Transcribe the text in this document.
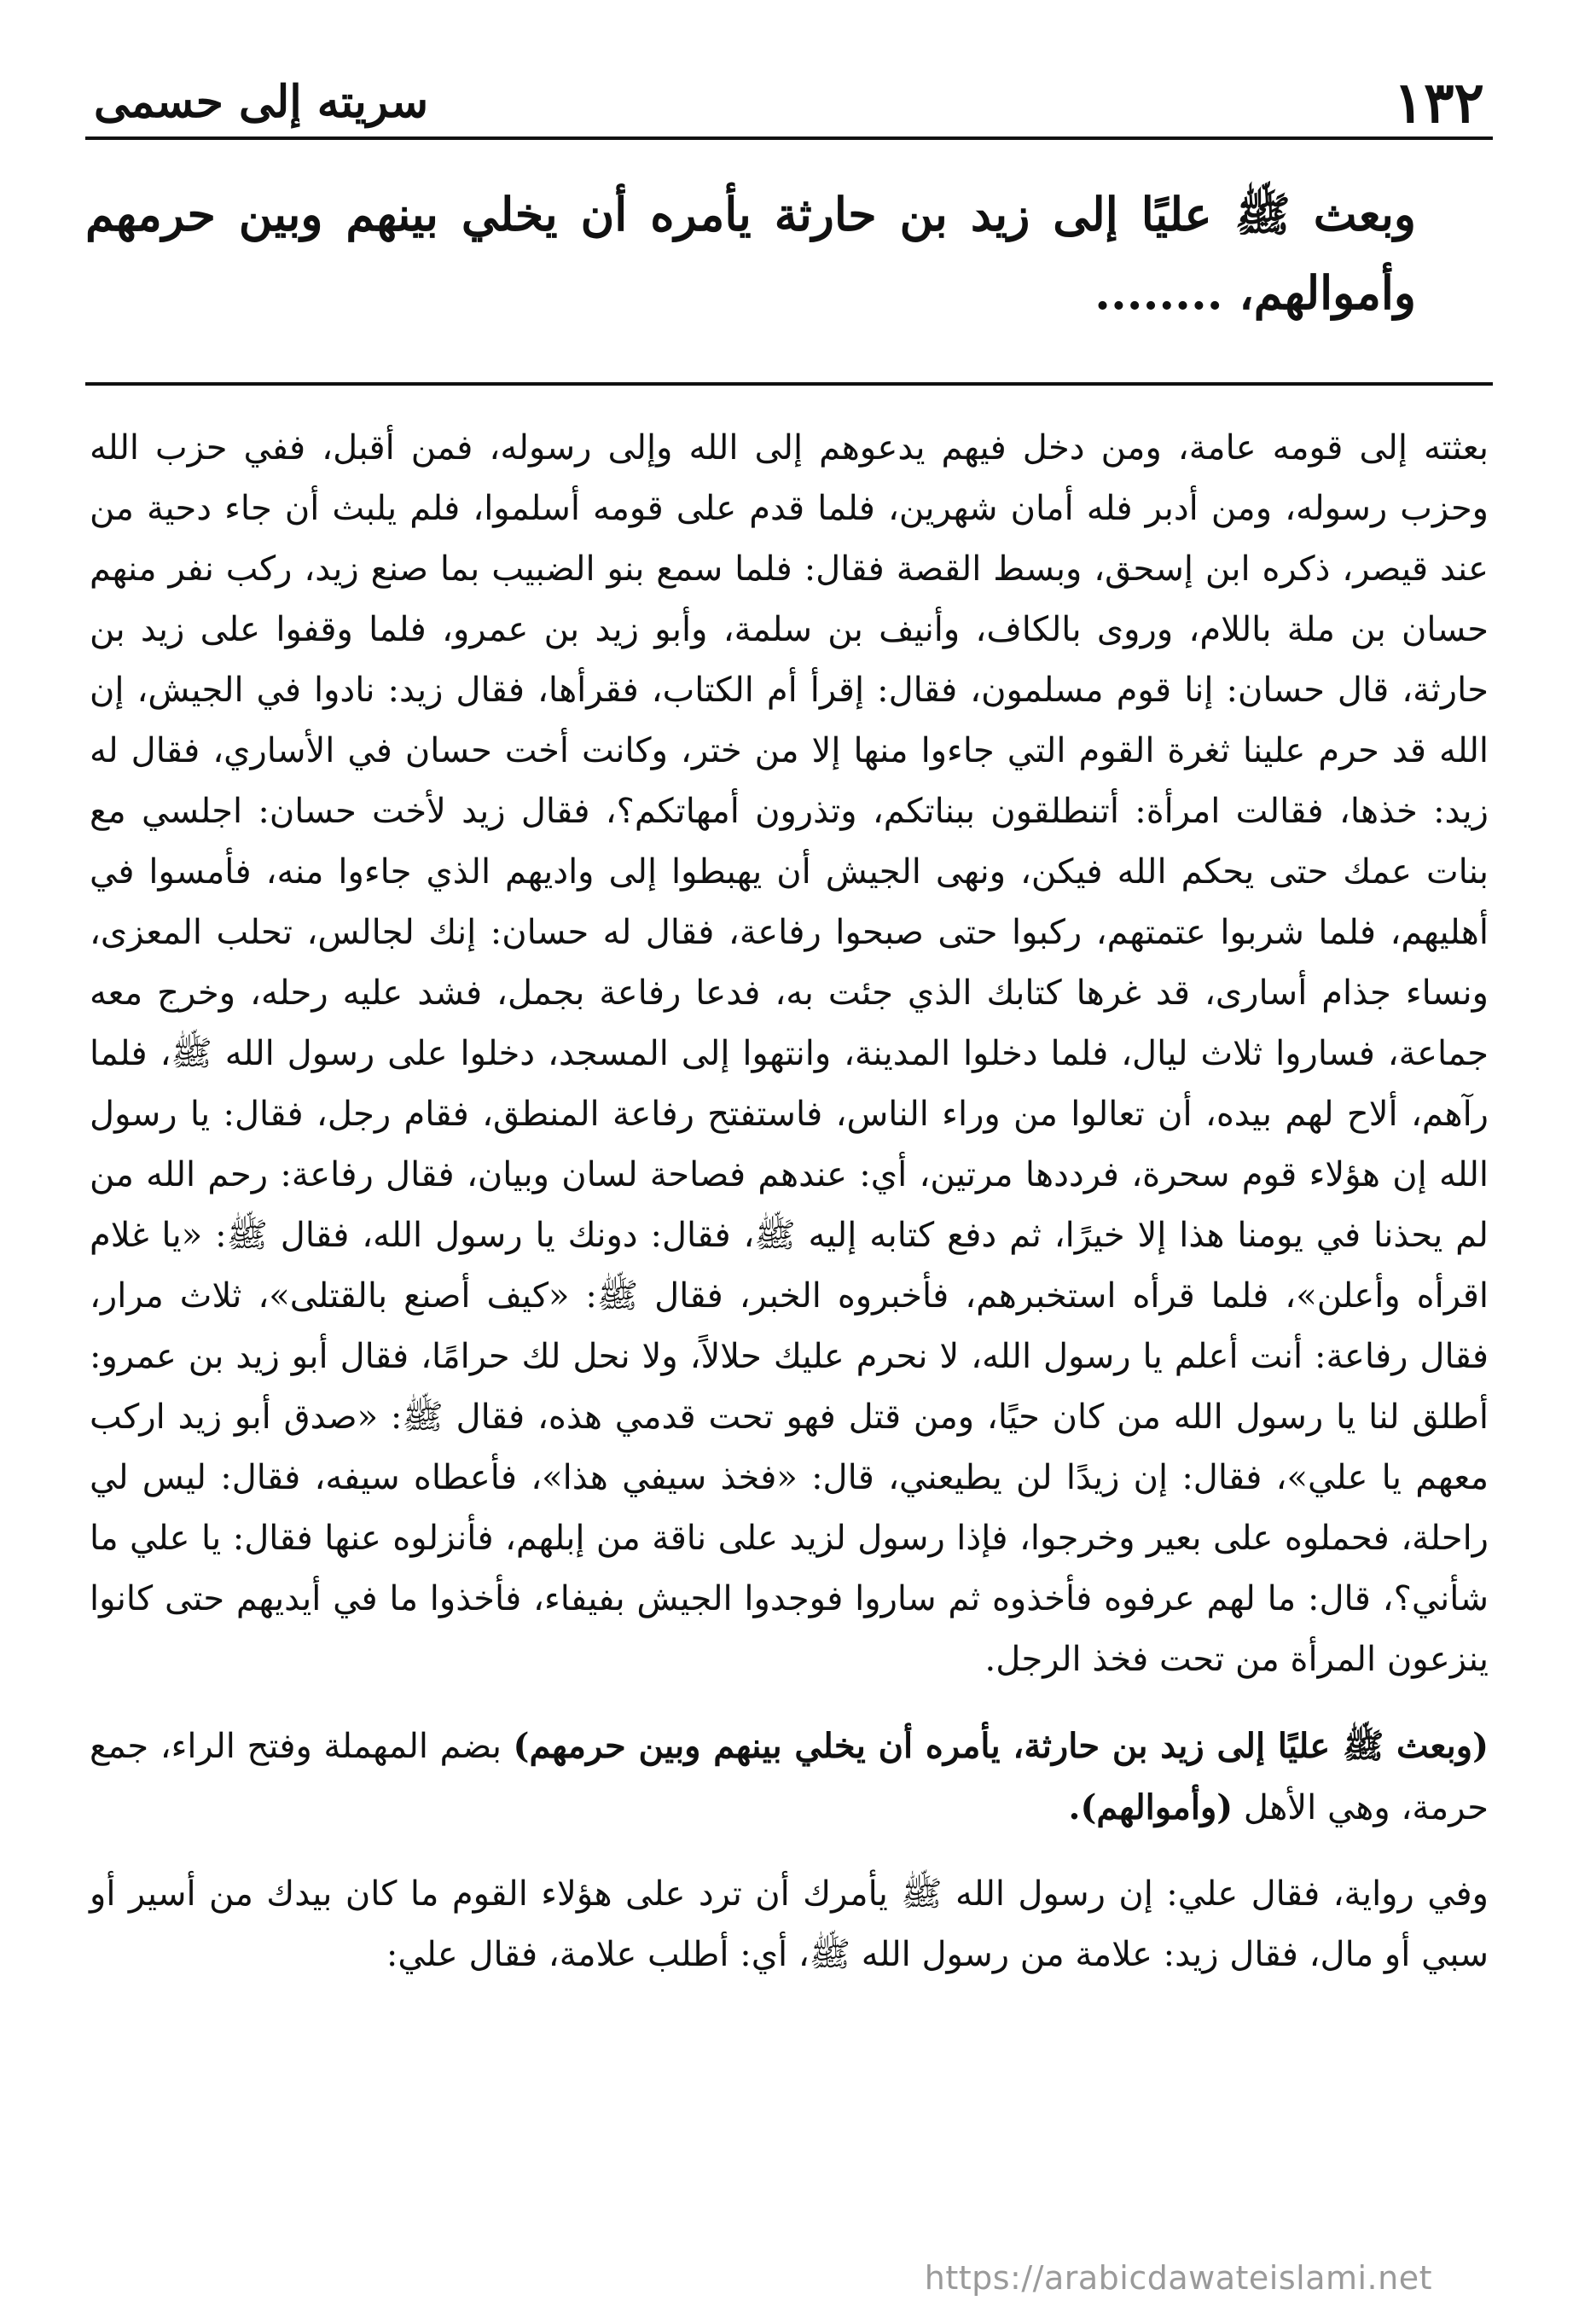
١٣٢
سريته إلى حسمى
وبعث ﷺ عليًا إلى زيد بن حارثة يأمره أن يخلي بينهم وبين حرمهم وأموالهم، ........

بعثته إلى قومه عامة، ومن دخل فيهم يدعوهم إلى الله وإلى رسوله، فمن أقبل، ففي حزب الله وحزب رسوله، ومن أدبر فله أمان شهرين، فلما قدم على قومه أسلموا، فلم يلبث أن جاء دحية من عند قيصر، ذكره ابن إسحق، وبسط القصة فقال: فلما سمع بنو الضبيب بما صنع زيد، ركب نفر منهم حسان بن ملة باللام، وروى بالكاف، وأنيف بن سلمة، وأبو زيد بن عمرو، فلما وقفوا على زيد بن حارثة، قال حسان: إنا قوم مسلمون، فقال: إقرأ أم الكتاب، فقرأها، فقال زيد: نادوا في الجيش، إن الله قد حرم علينا ثغرة القوم التي جاءوا منها إلا من ختر، وكانت أخت حسان في الأساري، فقال له زيد: خذها، فقالت امرأة: أتنطلقون ببناتكم، وتذرون أمهاتكم؟، فقال زيد لأخت حسان: اجلسي مع بنات عمك حتى يحكم الله فيكن، ونهى الجيش أن يهبطوا إلى واديهم الذي جاءوا منه، فأمسوا في أهليهم، فلما شربوا عتمتهم، ركبوا حتى صبحوا رفاعة، فقال له حسان: إنك لجالس، تحلب المعزى، ونساء جذام أسارى، قد غرها كتابك الذي جئت به، فدعا رفاعة بجمل، فشد عليه رحله، وخرج معه جماعة، فساروا ثلاث ليال، فلما دخلوا المدينة، وانتهوا إلى المسجد، دخلوا على رسول الله ﷺ، فلما رآهم، ألاح لهم بيده، أن تعالوا من وراء الناس، فاستفتح رفاعة المنطق، فقام رجل، فقال: يا رسول الله إن هؤلاء قوم سحرة، فرددها مرتين، أي: عندهم فصاحة لسان وبيان، فقال رفاعة: رحم الله من لم يحذنا في يومنا هذا إلا خيرًا، ثم دفع كتابه إليه ﷺ، فقال: دونك يا رسول الله، فقال ﷺ: «يا غلام اقرأه وأعلن»، فلما قرأه استخبرهم، فأخبروه الخبر، فقال ﷺ: «كيف أصنع بالقتلى»، ثلاث مرار، فقال رفاعة: أنت أعلم يا رسول الله، لا نحرم عليك حلالاً، ولا نحل لك حرامًا، فقال أبو زيد بن عمرو: أطلق لنا يا رسول الله من كان حيًا، ومن قتل فهو تحت قدمي هذه، فقال ﷺ: «صدق أبو زيد اركب معهم يا علي»، فقال: إن زيدًا لن يطيعني، قال: «فخذ سيفي هذا»، فأعطاه سيفه، فقال: ليس لي راحلة، فحملوه على بعير وخرجوا، فإذا رسول لزيد على ناقة من إبلهم، فأنزلوه عنها فقال: يا علي ما شأني؟، قال: ما لهم عرفوه فأخذوه ثم ساروا فوجدوا الجيش بفيفاء، فأخذوا ما في أيديهم حتى كانوا ينزعون المرأة من تحت فخذ الرجل.

(وبعث ﷺ عليًا إلى زيد بن حارثة، يأمره أن يخلي بينهم وبين حرمهم) بضم المهملة وفتح الراء، جمع حرمة، وهي الأهل (وأموالهم).

وفي رواية، فقال علي: إن رسول الله ﷺ يأمرك أن ترد على هؤلاء القوم ما كان بيدك من أسير أو سبي أو مال، فقال زيد: علامة من رسول الله ﷺ، أي: أطلب علامة، فقال علي:

https://arabicdawateislami.net
